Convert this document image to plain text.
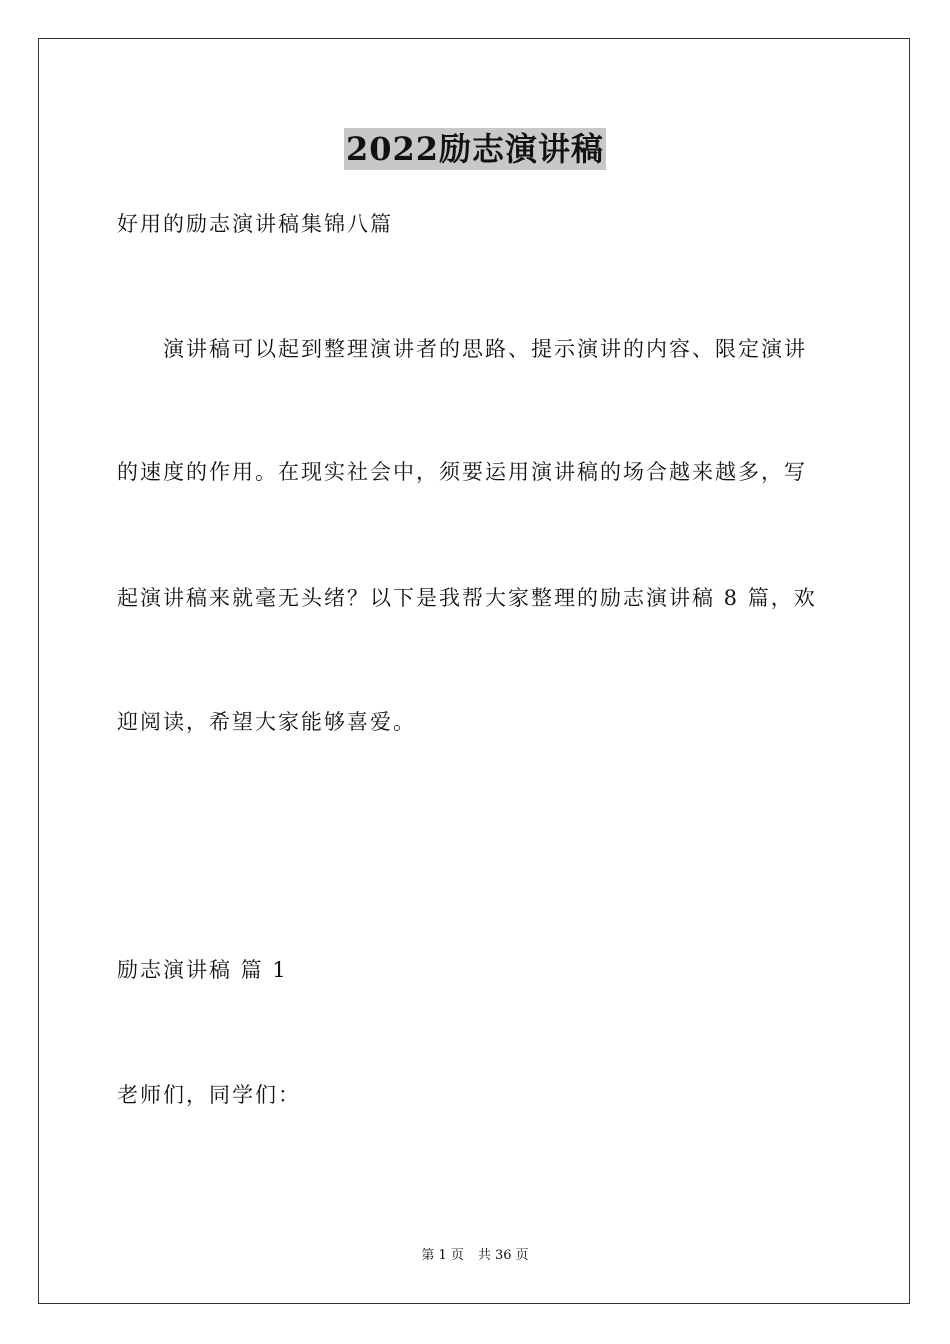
2022励志演讲稿
好用的励志演讲稿集锦八篇
演讲稿可以起到整理演讲者的思路、提示演讲的内容、限定演讲
的速度的作用。在现实社会中，须要运用演讲稿的场合越来越多，写
起演讲稿来就毫无头绪？以下是我帮大家整理的励志演讲稿 8 篇，欢
迎阅读，希望大家能够喜爱。
励志演讲稿 篇 1
老师们，同学们：
第 1 页 共 36 页
